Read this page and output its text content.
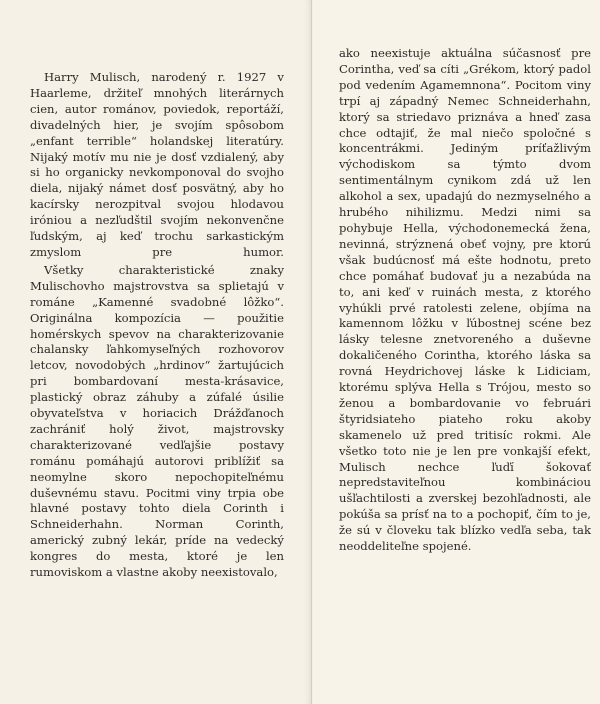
Harry Mulisch, narodený r. 1927 v Haarleme, držiteľ mnohých literárnych cien, autor románov, poviedok, reportáží, divadelných hier, je svojím spôsobom „enfant terrible“ holandskej literatúry. Nijaký motív mu nie je dosť vzdialený, aby si ho organicky nevkomponoval do svojho diela, nijaký námet dosť posvätný, aby ho kacírsky nerozpitval svojou hlodavou iróniou a nezľudštil svojím nekonvenčne ľudským, aj keď trochu sarkastickým zmyslom pre humor.

Všetky charakteristické znaky Mulischovho majstrovstva sa splietajú v románe „Kamenné svadobné lôžko“. Originálna kompozícia — použitie homérskych spevov na charakterizovanie chalansky ľahkomyseľných rozhovorov letcov, novodobých „hrdinov“ žartujúcich pri bombardovaní mesta-krásavice, plastický obraz záhuby a zúfalé úsilie obyvateľstva v horiacich Drážďanoch zachrániť holý život, majstrovsky charakterizované vedľajšie postavy románu pomáhajú autorovi priblížiť sa neomylne skoro nepochopiteľnému duševnému stavu. Pocitmi viny trpia obe hlavné postavy tohto diela Corinth i Schneiderhahn. Norman Corinth, americký zubný lekár, príde na vedecký kongres do mesta, ktoré je len rumoviskom a vlastne akoby neexistovalo,

ako neexistuje aktuálna súčasnosť pre Corintha, veď sa cíti „Grékom, ktorý padol pod vedením Agamemnona“. Pocitom viny trpí aj západný Nemec Schneiderhahn, ktorý sa striedavo priznáva a hneď zasa chce odtajiť, že mal niečo spoločné s koncentrákmi. Jediným príťažlivým východiskom sa týmto dvom sentimentálnym cynikom zdá už len alkohol a sex, upadajú do nezmyselného a hrubého nihilizmu. Medzi nimi sa pohybuje Hella, východonemecká žena, nevinná, strýznená obeť vojny, pre ktorú však budúcnosť má ešte hodnotu, preto chce pomáhať budovať ju a nezabúda na to, ani keď v ruinách mesta, z ktorého vyhúkli prvé ratolesti zelene, objíma na kamennom lôžku v ľúbostnej scéne bez lásky telesne znetvoreného a duševne dokaličeného Corintha, ktorého láska sa rovná Heydrichovej láske k Lidiciam, ktorému splýva Hella s Trójou, mesto so ženou a bombardovanie vo februári štyridsiateho piateho roku akoby skamenelo už pred tritisíc rokmi. Ale všetko toto nie je len pre vonkajší efekt, Mulisch nechce ľuďí šokovať nepredstaviteľnou kombináciou ušľachtilosti a zverskej bezohľadnosti, ale pokúša sa prísť na to a pochopiť, čím to je, že sú v človeku tak blízko vedľa seba, tak neoddeliteľne spojené.
